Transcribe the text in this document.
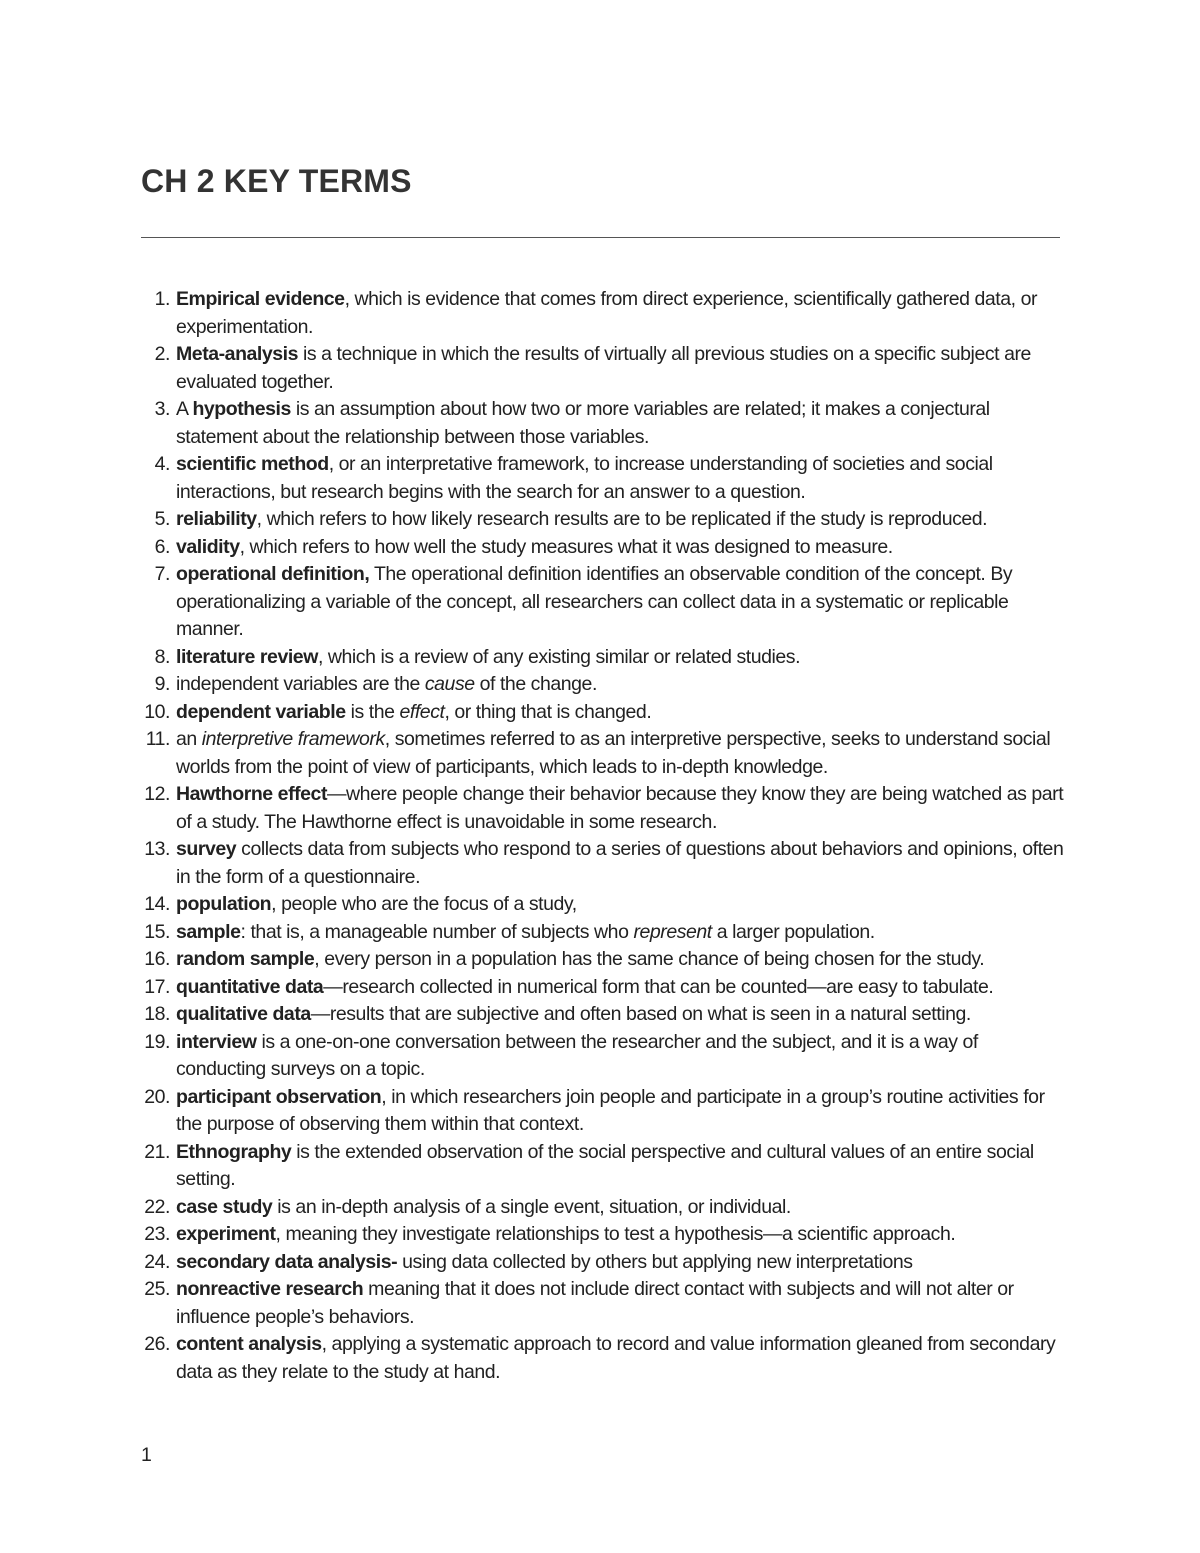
CH 2 KEY TERMS
1. Empirical evidence, which is evidence that comes from direct experience, scientifically gathered data, or experimentation.
2. Meta-analysis is a technique in which the results of virtually all previous studies on a specific subject are evaluated together.
3. A hypothesis is an assumption about how two or more variables are related; it makes a conjectural statement about the relationship between those variables.
4. scientific method, or an interpretative framework, to increase understanding of societies and social interactions, but research begins with the search for an answer to a question.
5. reliability, which refers to how likely research results are to be replicated if the study is reproduced.
6. validity, which refers to how well the study measures what it was designed to measure.
7. operational definition, The operational definition identifies an observable condition of the concept. By operationalizing a variable of the concept, all researchers can collect data in a systematic or replicable manner.
8. literature review, which is a review of any existing similar or related studies.
9. independent variables are the cause of the change.
10. dependent variable is the effect, or thing that is changed.
11. an interpretive framework, sometimes referred to as an interpretive perspective, seeks to understand social worlds from the point of view of participants, which leads to in-depth knowledge.
12. Hawthorne effect—where people change their behavior because they know they are being watched as part of a study. The Hawthorne effect is unavoidable in some research.
13. survey collects data from subjects who respond to a series of questions about behaviors and opinions, often in the form of a questionnaire.
14. population, people who are the focus of a study,
15. sample: that is, a manageable number of subjects who represent a larger population.
16. random sample, every person in a population has the same chance of being chosen for the study.
17. quantitative data—research collected in numerical form that can be counted—are easy to tabulate.
18. qualitative data—results that are subjective and often based on what is seen in a natural setting.
19. interview is a one-on-one conversation between the researcher and the subject, and it is a way of conducting surveys on a topic.
20. participant observation, in which researchers join people and participate in a group’s routine activities for the purpose of observing them within that context.
21. Ethnography is the extended observation of the social perspective and cultural values of an entire social setting.
22. case study is an in-depth analysis of a single event, situation, or individual.
23. experiment, meaning they investigate relationships to test a hypothesis—a scientific approach.
24. secondary data analysis- using data collected by others but applying new interpretations
25. nonreactive research meaning that it does not include direct contact with subjects and will not alter or influence people’s behaviors.
26. content analysis, applying a systematic approach to record and value information gleaned from secondary data as they relate to the study at hand.
1
